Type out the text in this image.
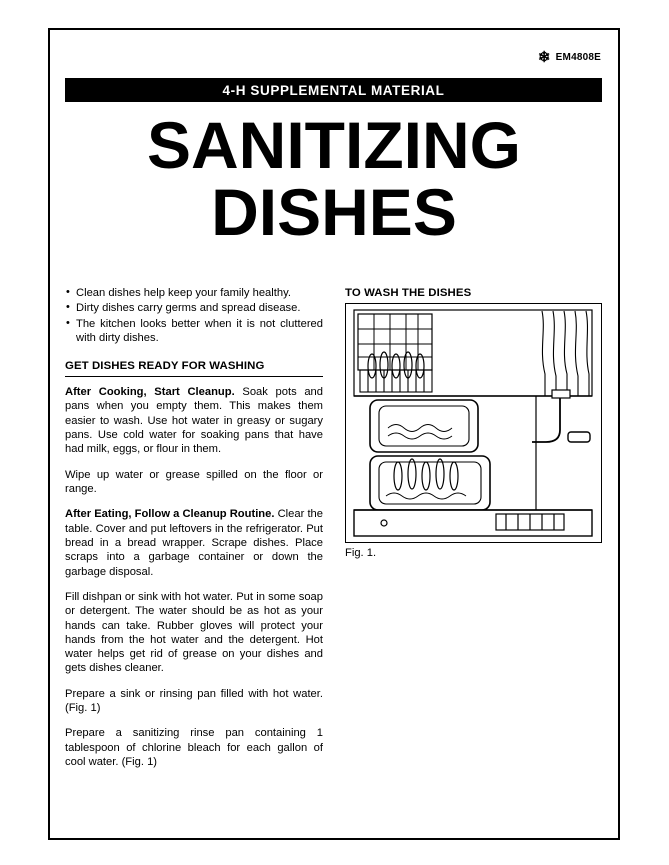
❄ EM4808E
4-H SUPPLEMENTAL MATERIAL
SANITIZING
DISHES
• Clean dishes help keep your family healthy.
• Dirty dishes carry germs and spread disease.
• The kitchen looks better when it is not cluttered with dirty dishes.
GET DISHES READY FOR WASHING

After Cooking, Start Cleanup. Soak pots and pans when you empty them. This makes them easier to wash. Use hot water in greasy or sugary pans. Use cold water for soaking pans that have had milk, eggs, or flour in them.

Wipe up water or grease spilled on the floor or range.

After Eating, Follow a Cleanup Routine. Clear the table. Cover and put leftovers in the refrigerator. Put bread in a bread wrapper. Scrape dishes. Place scraps into a garbage container or down the garbage disposal.

Fill dishpan or sink with hot water. Put in some soap or detergent. The water should be as hot as your hands can take. Rubber gloves will protect your hands from the hot water and the detergent. Hot water helps get rid of grease on your dishes and gets dishes cleaner.

Prepare a sink or rinsing pan filled with hot water. (Fig. 1)

Prepare a sanitizing rinse pan containing 1 tablespoon of chlorine bleach for each gallon of cool water. (Fig. 1)

TO WASH THE DISHES
•
•
•

Fig. 1.
